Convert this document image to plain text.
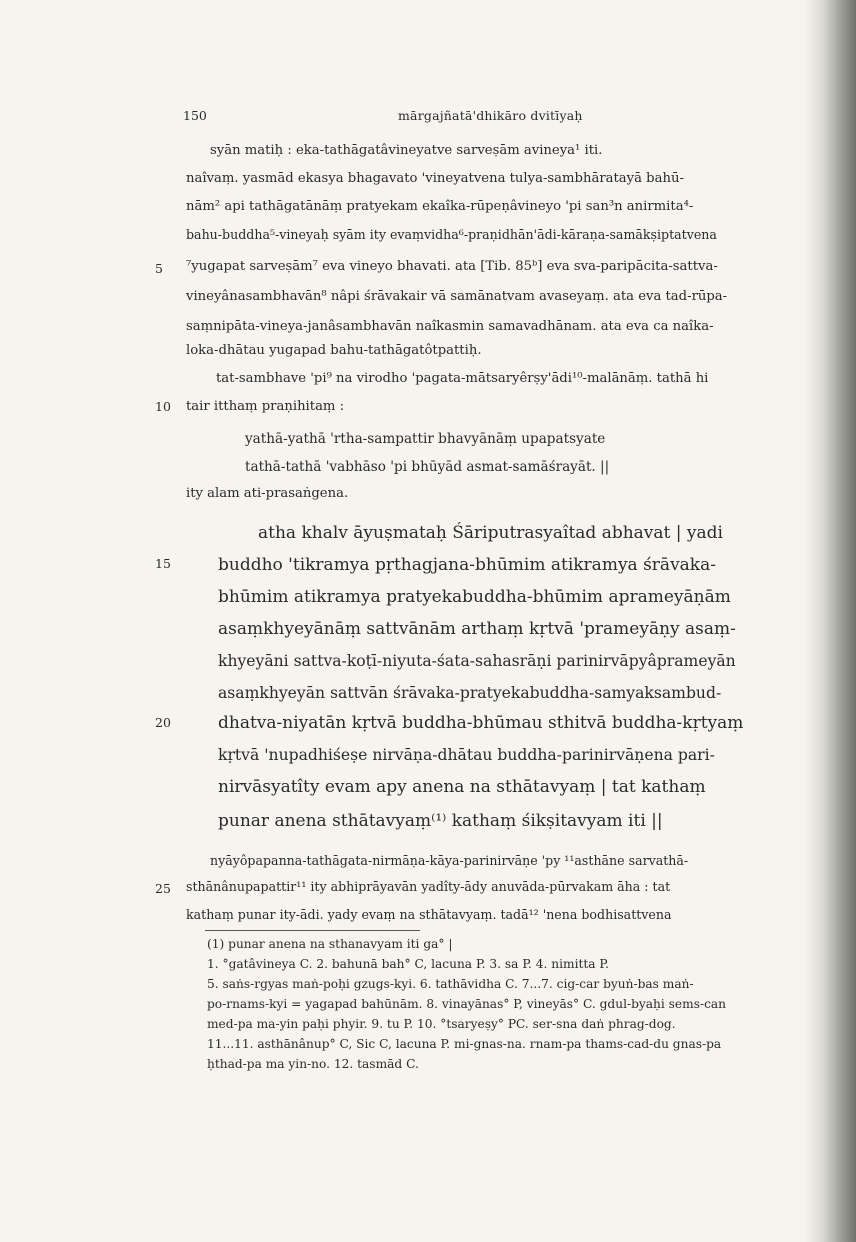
150	mārgajñatā'dhikāro dvitīyaḥ
5
10
15
20
25
syān matiḥ : eka-tathāgatâvineyatve sarveṣām avineya¹ iti.
naîvaṃ. yasmād ekasya bhagavato 'vineyatvena tulya-sambhāratayā bahū-
nām² api tathāgatānāṃ pratyekam ekaîka-rūpeṇâvineyo 'pi san³n anirmita⁴-
bahu-buddha⁵-vineyaḥ syām ity evaṃvidha⁶-praṇidhān'ādi-kāraṇa-samākṣiptatvena
⁷yugapat sarveṣām⁷ eva vineyo bhavati. ata [Tib. 85ᵇ] eva sva-paripācita-sattva-
vineyânasambhavān⁸ nâpi śrāvakair vā samānatvam avaseyaṃ. ata eva tad-rūpa-
saṃnipāta-vineya-janâsambhavān naîkasmin samavadhānam. ata eva ca naîka-
loka-dhātau yugapad bahu-tathāgatôtpattiḥ.
tat-sambhave 'pi⁹ na virodho 'pagata-mātsaryêrṣy'ādi¹⁰-malānāṃ. tathā hi
tair itthaṃ praṇihitaṃ :
yathā-yathā 'rtha-sampattir bhavyānāṃ upapatsyate
tathā-tathā 'vabhāso 'pi bhūyād asmat-samāśrayāt. ||
ity alam ati-prasaṅgena.
atha khalv āyuṣmataḥ Śāriputrasyaîtad abhavat | yadi
buddho 'tikramya pṛthagjana-bhūmim atikramya śrāvaka-
bhūmim atikramya pratyekabuddha-bhūmim aprameyāṇām
asaṃkhyeyānāṃ sattvānām arthaṃ kṛtvā 'prameyāṇy asaṃ-
khyeyāni sattva-koṭī-niyuta-śata-sahasrāṇi parinirvāpyâprameyān
asaṃkhyeyān sattvān śrāvaka-pratyekabuddha-samyaksambud-
dhatva-niyatān kṛtvā buddha-bhūmau sthitvā buddha-kṛtyaṃ
kṛtvā 'nupadhiśeṣe nirvāṇa-dhātau buddha-parinirvāṇena pari-
nirvāsyatîty evam apy anena na sthātavyaṃ | tat kathaṃ
punar anena sthātavyaṃ⁽¹⁾ kathaṃ śikṣitavyam iti ||
nyāyôpapanna-tathāgata-nirmāṇa-kāya-parinirvāṇe 'py ¹¹asthāne sarvathā-
sthānânupapattir¹¹ ity abhiprāyavān yadîty-ādy anuvāda-pūrvakam āha : tat
kathaṃ punar ity-ādi. yady evaṃ na sthātavyaṃ. tadā¹² 'nena bodhisattvena
(1) punar anena na sthanavyam iti ga° |
1. °gatâvineya C. 2. bahunā bah° C, lacuna P. 3. sa P. 4. nimitta P.
5. saṅs-rgyas maṅ-poḥi gzugs-kyi. 6. tathāvidha C. 7...7. cig-car byuṅ-bas maṅ-
po-rnams-kyi = yagapad bahūnām. 8. vinayānas° P, vineyās° C. gdul-byaḥi sems-can
med-pa ma-yin paḥi phyir. 9. tu P. 10. °tsaryeṣy° PC. ser-sna daṅ phrag-dog.
11...11. asthānânup° C, Sic C, lacuna P. mi-gnas-na. rnam-pa thams-cad-du gnas-pa
ḥthad-pa ma yin-no. 12. tasmād C.
